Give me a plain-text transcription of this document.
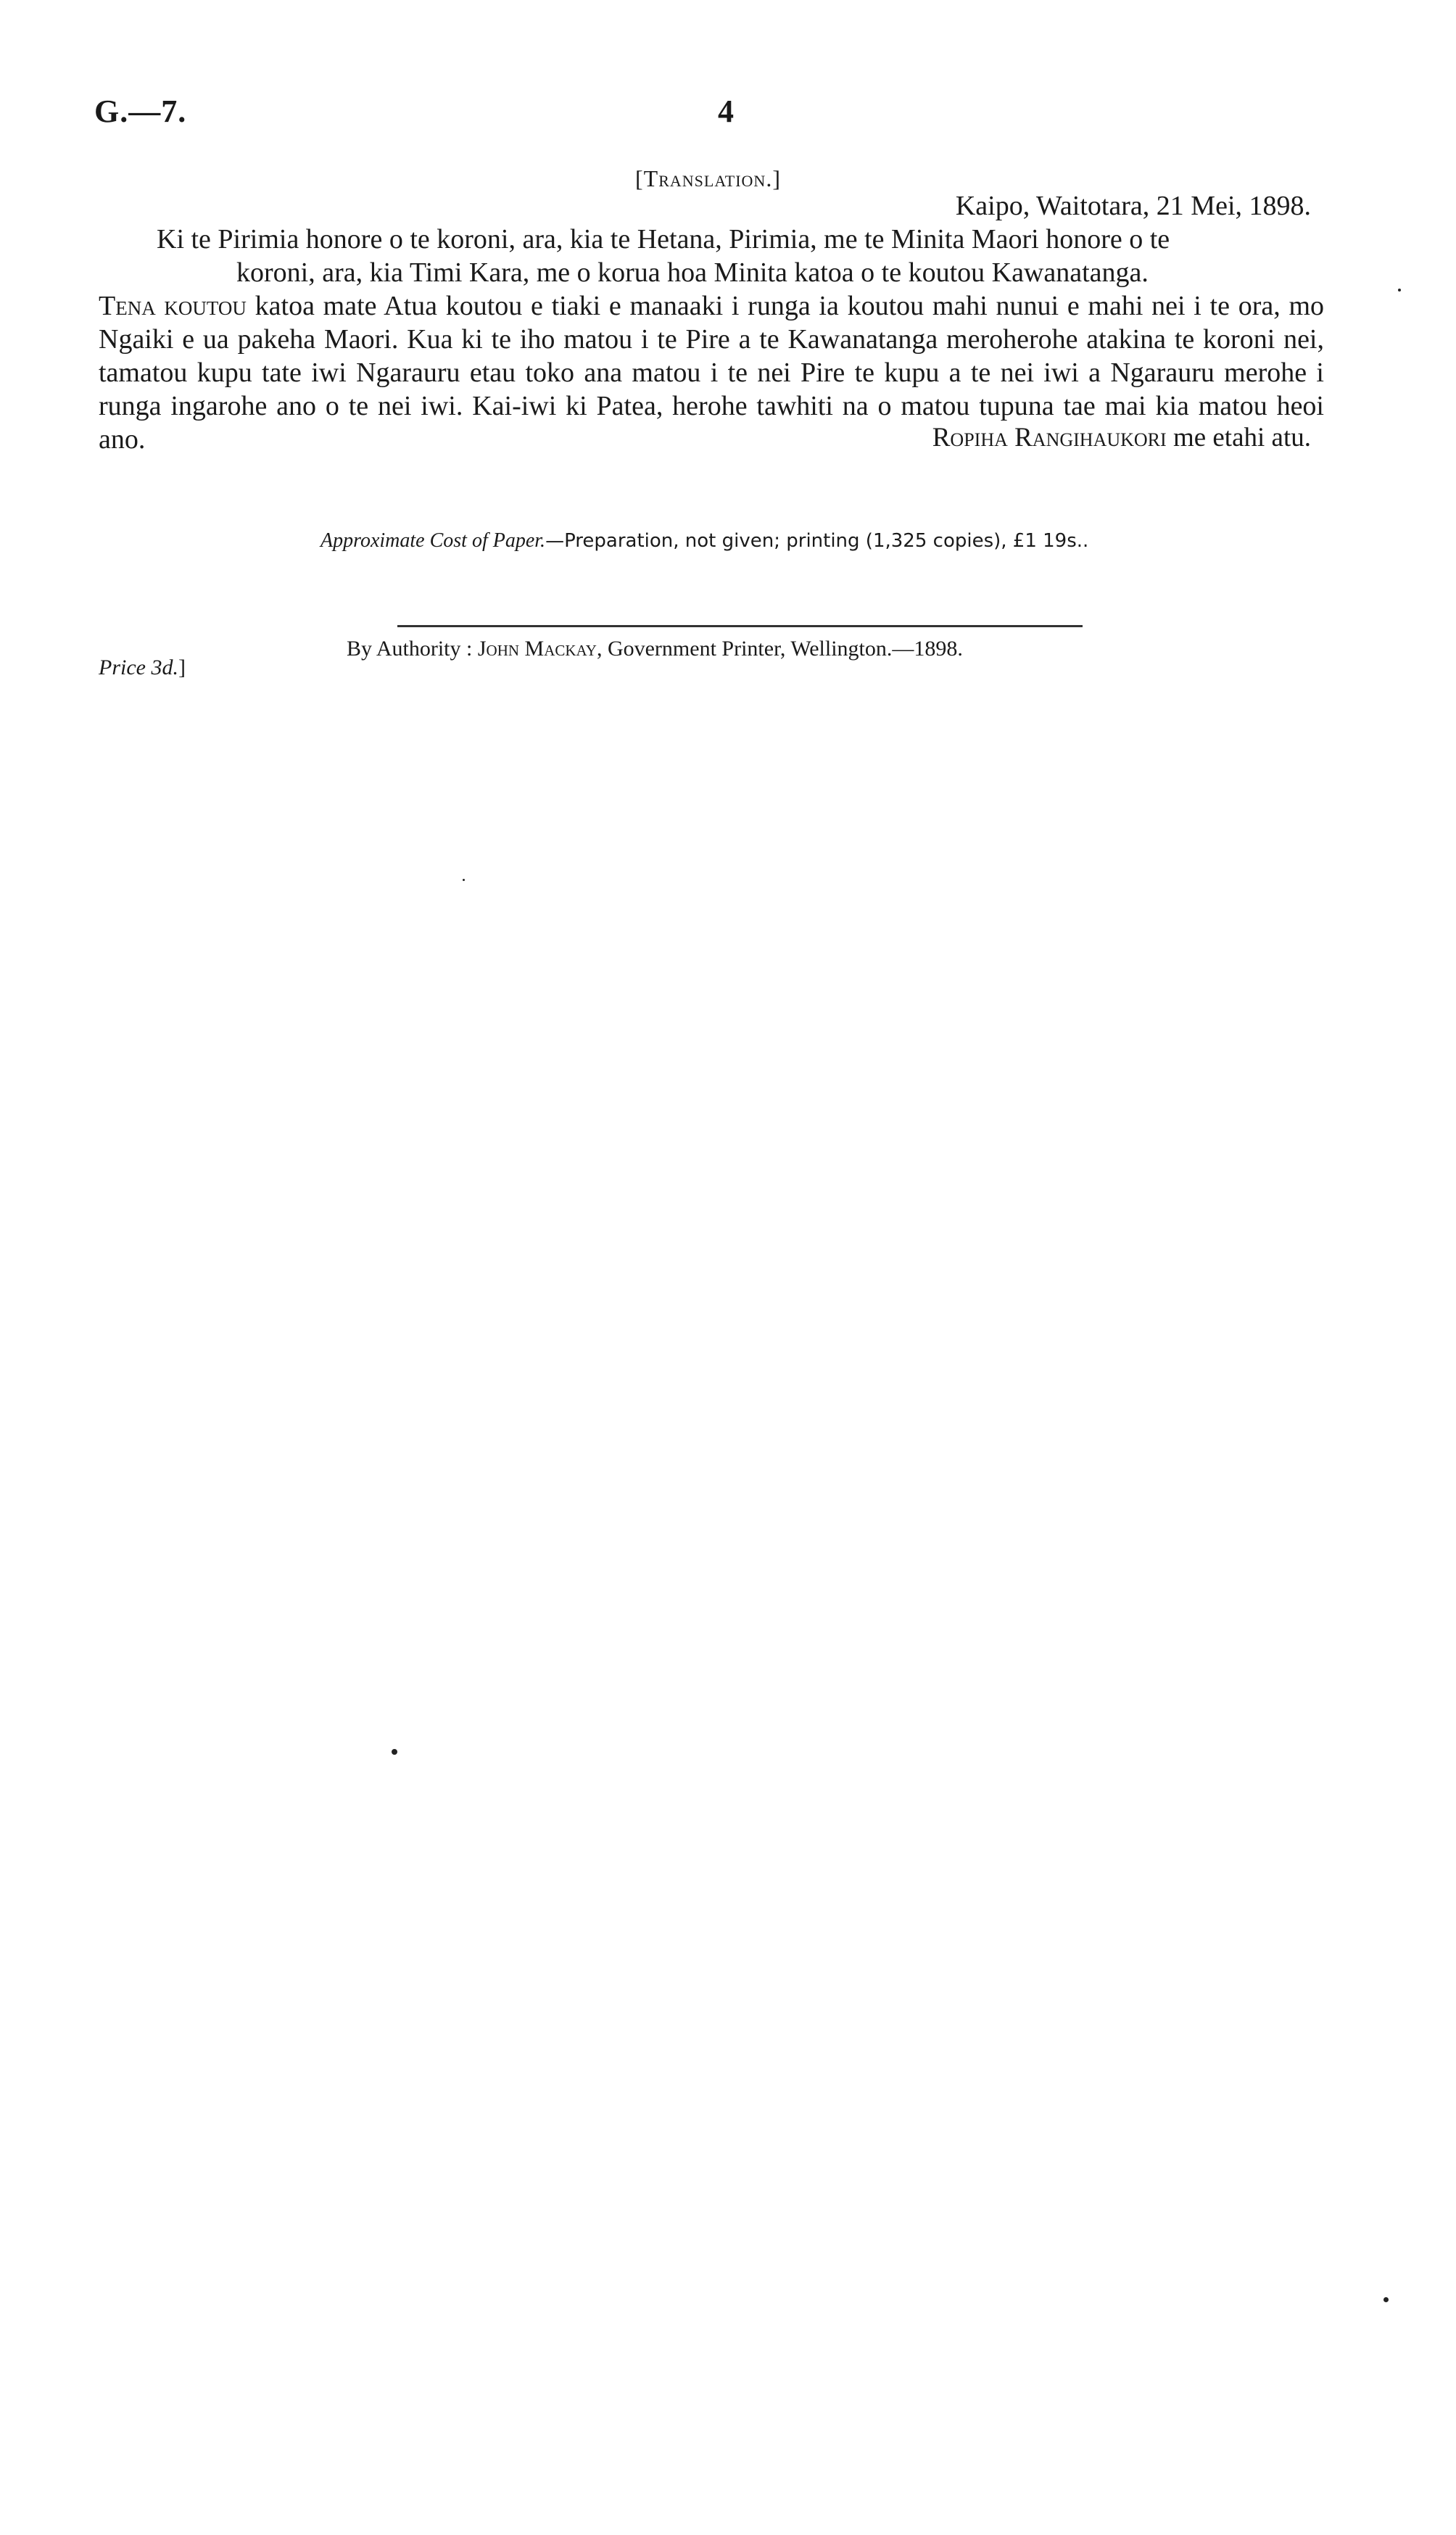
G.—7.	4
[Translation.]
Kaipo, Waitotara, 21 Mei, 1898.
Ki te Pirimia honore o te koroni, ara, kia te Hetana, Pirimia, me te Minita Maori honore o te
koroni, ara, kia Timi Kara, me o korua hoa Minita katoa o te koutou Kawanatanga.
Tena koutou katoa mate Atua koutou e tiaki e manaaki i runga ia koutou mahi nunui e mahi nei i te ora, mo Ngaiki e ua pakeha Maori. Kua ki te iho matou i te Pire a te Kawanatanga meroherohe atakina te koroni nei, tamatou kupu tate iwi Ngarauru etau toko ana matou i te nei Pire te kupu a te nei iwi a Ngarauru merohe i runga ingarohe ano o te nei iwi. Kai-iwi ki Patea, herohe tawhiti na o matou tupuna tae mai kia matou heoi ano.	Ropiha Rangihaukori me etahi atu.
Approximate Cost of Paper.—Preparation, not given; printing (1,325 copies), £1 19s..
By Authority : John Mackay, Government Printer, Wellington.—1898.
Price 3d.]
